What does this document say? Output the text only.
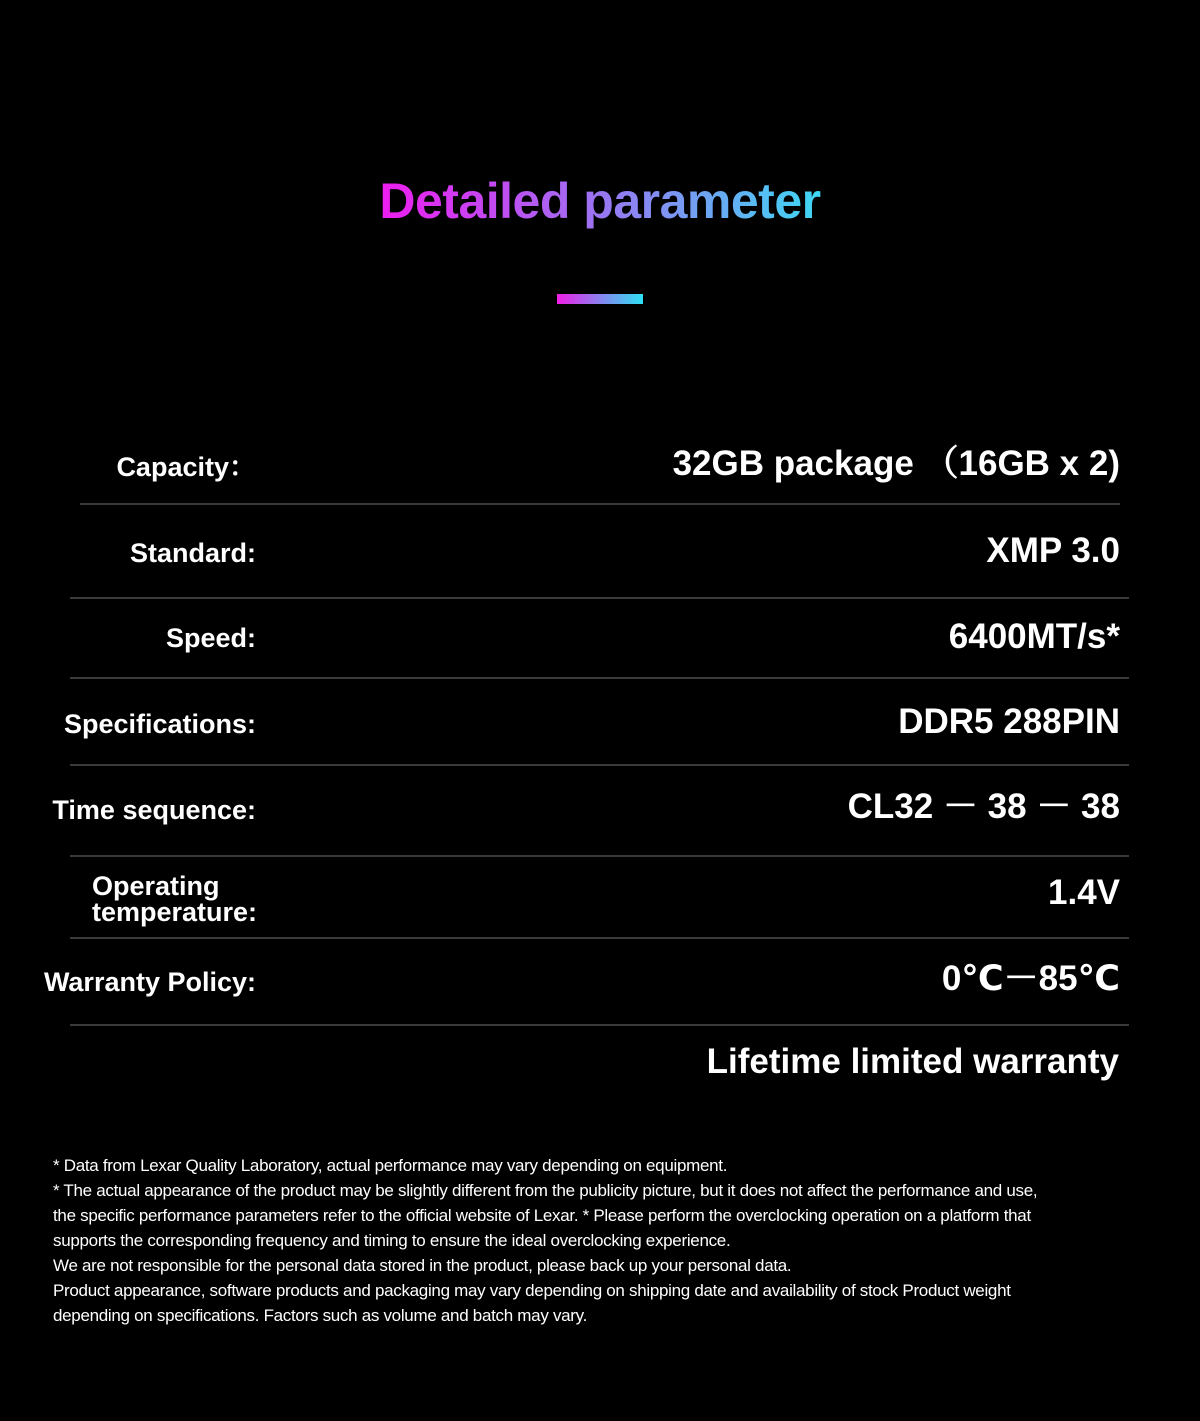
Detailed parameter
Capacity：	32GB package （16GB x 2)
Standard:	XMP 3.0
Speed:	6400MT/s*
Specifications:	DDR5 288PIN
Time sequence:	CL32 － 38 － 38
Operating
temperature:	1.4V
Warranty Policy:	0℃－85℃
Lifetime limited warranty

* Data from Lexar Quality Laboratory, actual performance may vary depending on equipment.

* The actual appearance of the product may be slightly different from the publicity picture, but it does not affect the performance and use,

the specific performance parameters refer to the official website of Lexar. * Please perform the overclocking operation on a platform that

supports the corresponding frequency and timing to ensure the ideal overclocking experience.

We are not responsible for the personal data stored in the product, please back up your personal data.

Product appearance, software products and packaging may vary depending on shipping date and availability of stock Product weight

depending on specifications. Factors such as volume and batch may vary.
